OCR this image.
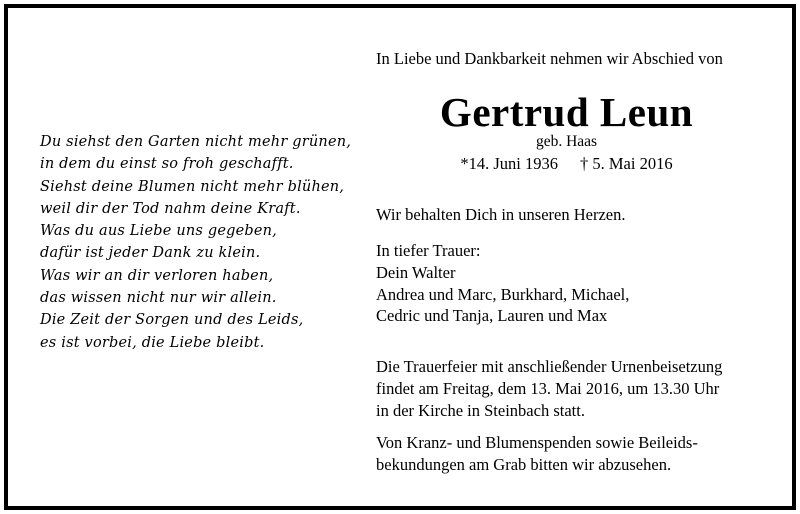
Du siehst den Garten nicht mehr grünen,
in dem du einst so froh geschafft.
Siehst deine Blumen nicht mehr blühen,
weil dir der Tod nahm deine Kraft.
Was du aus Liebe uns gegeben,
dafür ist jeder Dank zu klein.
Was wir an dir verloren haben,
das wissen nicht nur wir allein.
Die Zeit der Sorgen und des Leids,
es ist vorbei, die Liebe bleibt.
In Liebe und Dankbarkeit nehmen wir Abschied von
Gertrud Leun
geb. Haas
*14. Juni 1936 † 5. Mai 2016
Wir behalten Dich in unseren Herzen.
In tiefer Trauer:
Dein Walter
Andrea und Marc, Burkhard, Michael,
Cedric und Tanja, Lauren und Max
Die Trauerfeier mit anschließender Urnenbeisetzung
findet am Freitag, dem 13. Mai 2016, um 13.30 Uhr
in der Kirche in Steinbach statt.
Von Kranz- und Blumenspenden sowie Beileids-
bekundungen am Grab bitten wir abzusehen.
